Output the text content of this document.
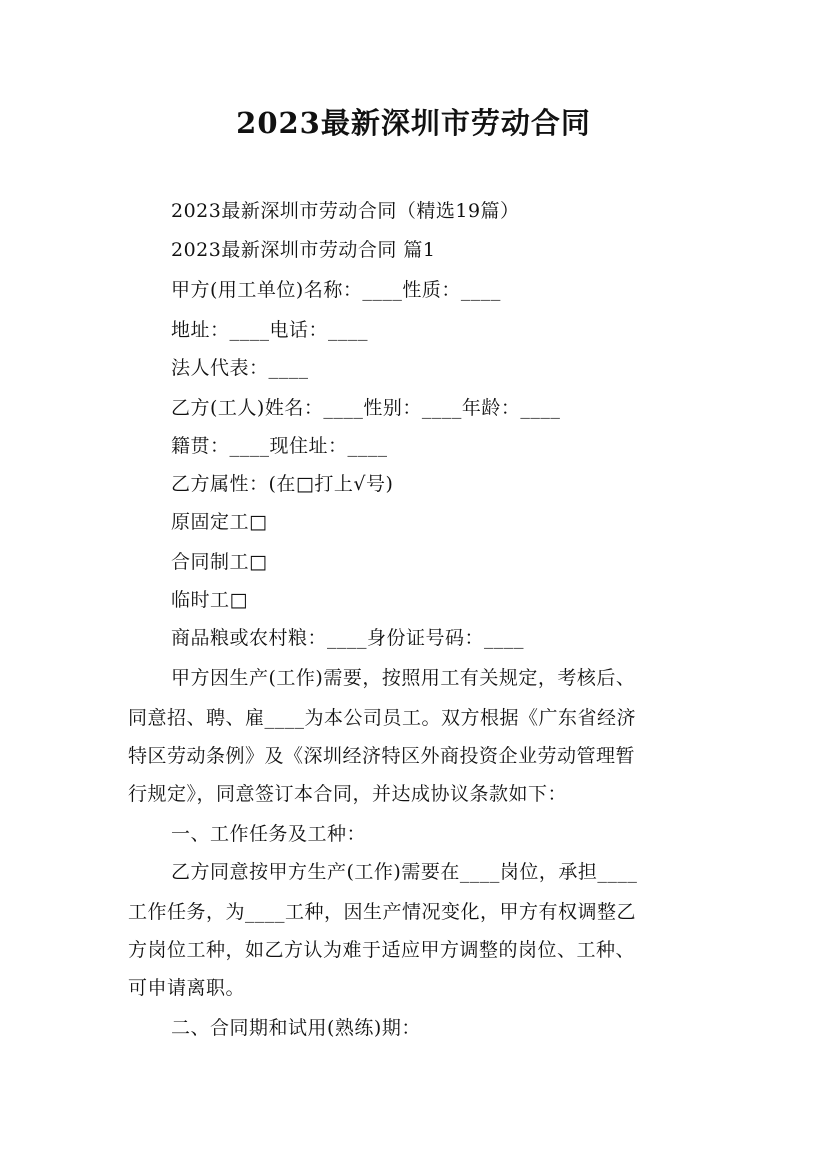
2023最新深圳市劳动合同
2023最新深圳市劳动合同（精选19篇）
2023最新深圳市劳动合同 篇1
甲方(用工单位)名称：____性质：____
地址：____电话：____
法人代表：____
乙方(工人)姓名：____性别：____年龄：____
籍贯：____现住址：____
乙方属性：(在□打上√号)
原固定工□
合同制工□
临时工□
商品粮或农村粮：____身份证号码：____
甲方因生产(工作)需要，按照用工有关规定，考核后、
同意招、聘、雇____为本公司员工。双方根据《广东省经济
特区劳动条例》及《深圳经济特区外商投资企业劳动管理暂
行规定》，同意签订本合同，并达成协议条款如下：
一、工作任务及工种：
乙方同意按甲方生产(工作)需要在____岗位，承担____
工作任务，为____工种，因生产情况变化，甲方有权调整乙
方岗位工种，如乙方认为难于适应甲方调整的岗位、工种、
可申请离职。
二、合同期和试用(熟练)期：
